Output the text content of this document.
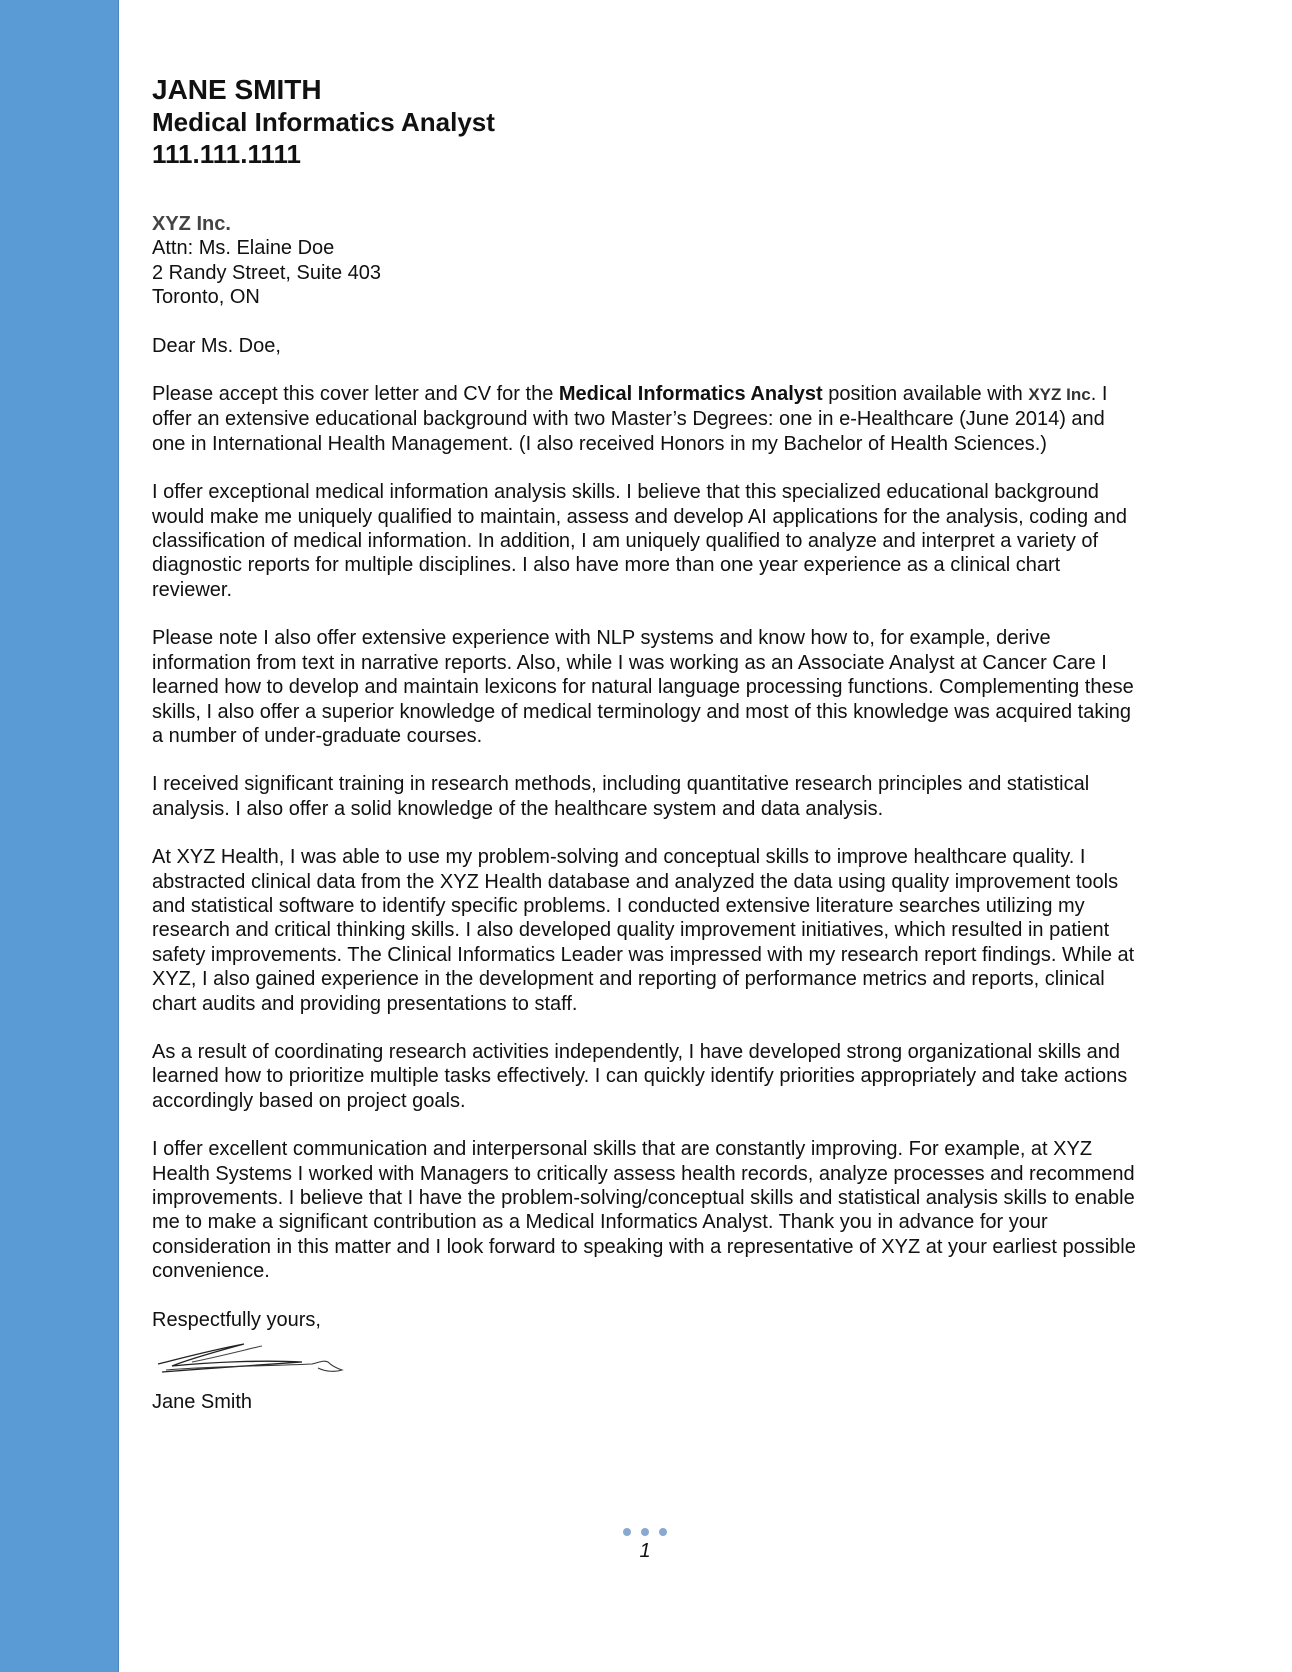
JANE SMITH
Medical Informatics Analyst
111.111.1111
XYZ Inc.
Attn: Ms. Elaine Doe
2 Randy Street, Suite 403
Toronto, ON
Dear Ms. Doe,

Please accept this cover letter and CV for the Medical Informatics Analyst position available with XYZ Inc. I offer an extensive educational background with two Master’s Degrees: one in e-Healthcare (June 2014) and one in International Health Management. (I also received Honors in my Bachelor of Health Sciences.)

I offer exceptional medical information analysis skills. I believe that this specialized educational background would make me uniquely qualified to maintain, assess and develop AI applications for the analysis, coding and classification of medical information. In addition, I am uniquely qualified to analyze and interpret a variety of diagnostic reports for multiple disciplines. I also have more than one year experience as a clinical chart reviewer.

Please note I also offer extensive experience with NLP systems and know how to, for example, derive information from text in narrative reports. Also, while I was working as an Associate Analyst at Cancer Care I learned how to develop and maintain lexicons for natural language processing functions. Complementing these skills, I also offer a superior knowledge of medical terminology and most of this knowledge was acquired taking a number of under-graduate courses.

I received significant training in research methods, including quantitative research principles and statistical analysis. I also offer a solid knowledge of the healthcare system and data analysis.

At XYZ Health, I was able to use my problem-solving and conceptual skills to improve healthcare quality. I abstracted clinical data from the XYZ Health database and analyzed the data using quality improvement tools and statistical software to identify specific problems. I conducted extensive literature searches utilizing my research and critical thinking skills. I also developed quality improvement initiatives, which resulted in patient safety improvements. The Clinical Informatics Leader was impressed with my research report findings. While at XYZ, I also gained experience in the development and reporting of performance metrics and reports, clinical chart audits and providing presentations to staff.

As a result of coordinating research activities independently, I have developed strong organizational skills and learned how to prioritize multiple tasks effectively. I can quickly identify priorities appropriately and take actions accordingly based on project goals.

I offer excellent communication and interpersonal skills that are constantly improving. For example, at XYZ Health Systems I worked with Managers to critically assess health records, analyze processes and recommend improvements. I believe that I have the problem-solving/conceptual skills and statistical analysis skills to enable me to make a significant contribution as a Medical Informatics Analyst. Thank you in advance for your consideration in this matter and I look forward to speaking with a representative of XYZ at your earliest possible convenience.

Respectfully yours,
Jane Smith
1
